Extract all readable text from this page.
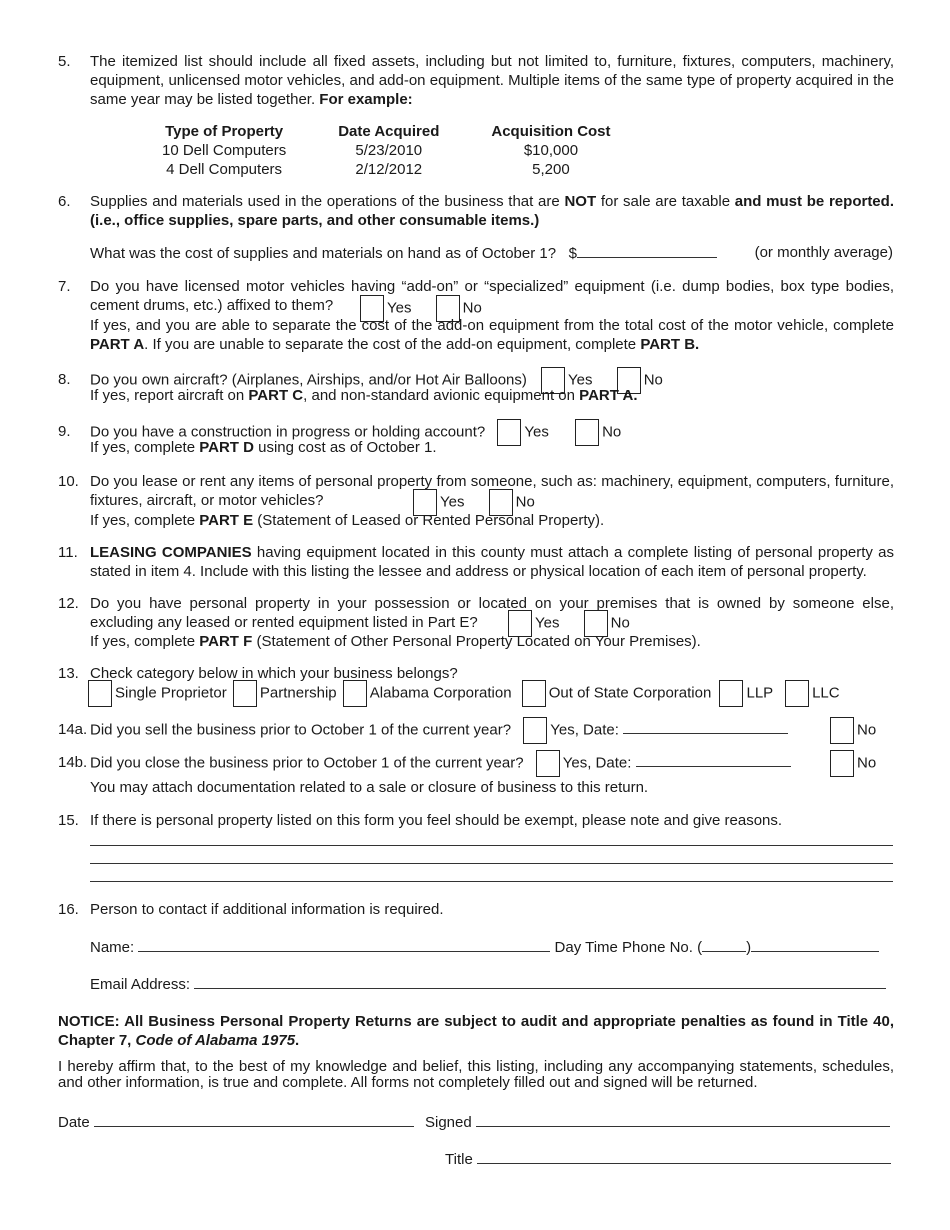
5.	The itemized list should include all fixed assets, including but not limited to, furniture, fixtures, computers, machinery, equipment, unlicensed motor vehicles, and add-on equipment. Multiple items of the same type of property acquired in the same year may be listed together. For example:
Type of Property	Date Acquired	Acquisition Cost
10 Dell Computers	5/23/2010	$10,000
4 Dell Computers	2/12/2012	5,200
6.	Supplies and materials used in the operations of the business that are NOT for sale are taxable and must be reported. (i.e., office supplies, spare parts, and other consumable items.)
What was the cost of supplies and materials on hand as of October 1? $	(or monthly average)
7.	Do you have licensed motor vehicles having “add-on” or “specialized” equipment (i.e. dump bodies, box type bodies, cement drums, etc.) affixed to them?	Yes	No
If yes, and you are able to separate the cost of the add-on equipment from the total cost of the motor vehicle, complete PART A. If you are unable to separate the cost of the add-on equipment, complete PART B.
8. Do you own aircraft? (Airplanes, Airships, and/or Hot Air Balloons)	Yes	No
If yes, report aircraft on PART C, and non-standard avionic equipment on PART A.
9. Do you have a construction in progress or holding account?	Yes	No
If yes, complete PART D using cost as of October 1.
10. Do you lease or rent any items of personal property from someone, such as: machinery, equipment, computers, furniture, fixtures, aircraft, or motor vehicles?	Yes	No
If yes, complete PART E (Statement of Leased or Rented Personal Property).
11. LEASING COMPANIES having equipment located in this county must attach a complete listing of personal property as stated in item 4. Include with this listing the lessee and address or physical location of each item of personal property.
12. Do you have personal property in your possession or located on your premises that is owned by someone else, excluding any leased or rented equipment listed in Part E?	Yes	No
If yes, complete PART F (Statement of Other Personal Property Located on Your Premises).
13. Check category below in which your business belongs?
Single Proprietor Partnership Alabama Corporation Out of State Corporation LLP	LLC
14a. Did you sell the business prior to October 1 of the current year?	Yes, Date:	No
14b. Did you close the business prior to October 1 of the current year?	Yes, Date:	No
You may attach documentation related to a sale or closure of business to this return.
15. If there is personal property listed on this form you feel should be exempt, please note and give reasons.
16. Person to contact if additional information is required.
Name:	Day Time Phone No. (	)
Email Address:
NOTICE: All Business Personal Property Returns are subject to audit and appropriate penalties as found in Title 40, Chapter 7, Code of Alabama 1975.
I hereby affirm that, to the best of my knowledge and belief, this listing, including any accompanying statements, schedules, and other information, is true and complete. All forms not completely filled out and signed will be returned.
Date	Signed
Title
